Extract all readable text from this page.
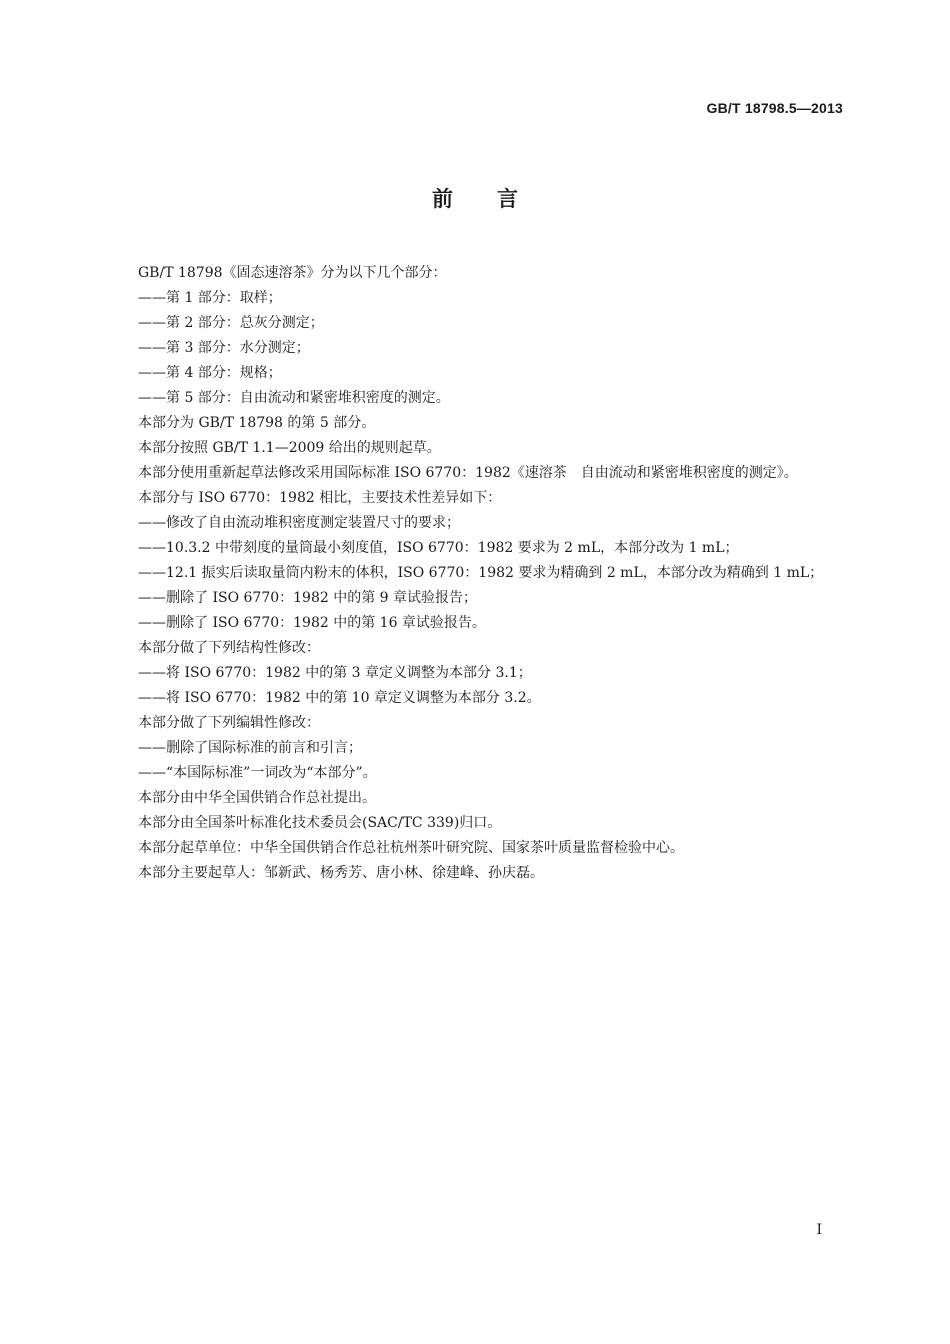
GB/T 18798.5—2013
前言

GB/T 18798《固态速溶茶》分为以下几个部分：

——第 1 部分：取样；

——第 2 部分：总灰分测定；

——第 3 部分：水分测定；

——第 4 部分：规格；

——第 5 部分：自由流动和紧密堆积密度的测定。

本部分为 GB/T 18798 的第 5 部分。

本部分按照 GB/T 1.1—2009 给出的规则起草。

本部分使用重新起草法修改采用国际标准 ISO 6770：1982《速溶茶　自由流动和紧密堆积密度的测定》。

本部分与 ISO 6770：1982 相比，主要技术性差异如下：

——修改了自由流动堆积密度测定装置尺寸的要求；

——10.3.2 中带刻度的量筒最小刻度值，ISO 6770：1982 要求为 2 mL，本部分改为 1 mL；

——12.1 振实后读取量筒内粉末的体积，ISO 6770：1982 要求为精确到 2 mL，本部分改为精确到 1 mL；

——删除了 ISO 6770：1982 中的第 9 章试验报告；

——删除了 ISO 6770：1982 中的第 16 章试验报告。

本部分做了下列结构性修改：

——将 ISO 6770：1982 中的第 3 章定义调整为本部分 3.1；

——将 ISO 6770：1982 中的第 10 章定义调整为本部分 3.2。

本部分做了下列编辑性修改：

——删除了国际标准的前言和引言；

——“本国际标准”一词改为“本部分”。

本部分由中华全国供销合作总社提出。

本部分由全国茶叶标准化技术委员会(SAC/TC 339)归口。

本部分起草单位：中华全国供销合作总社杭州茶叶研究院、国家茶叶质量监督检验中心。

本部分主要起草人：邹新武、杨秀芳、唐小林、徐建峰、孙庆磊。

I
